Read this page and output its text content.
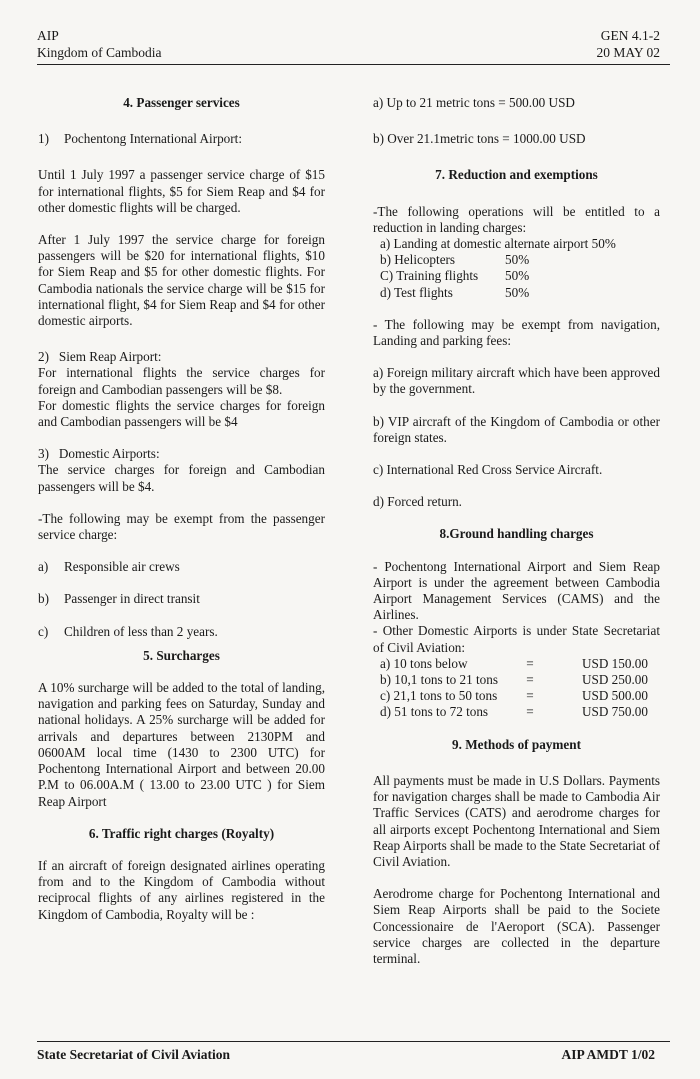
AIP
Kingdom of Cambodia
GEN 4.1-2
20 MAY 02

4. Passenger services

1)	Pochentong International Airport:

Until 1 July 1997 a passenger service charge of $15 for international flights, $5 for Siem Reap and $4 for other domestic flights will be charged.

After 1 July 1997 the service charge for foreign passengers will be $20 for international flights, $10 for Siem Reap and $5 for other domestic flights. For Cambodia nationals the service charge will be $15 for international flight, $4 for Siem Reap and $4 for other domestic airports.

2)   Siem Reap Airport:

For international flights the service charges for foreign and Cambodian passengers will be $8.

For domestic flights the service charges for foreign and Cambodian passengers will be $4

3)   Domestic Airports:

The service charges for foreign and Cambodian passengers will be $4.

-The following may be exempt from the passenger service charge:

a)	Responsible air crews
b)	Passenger in direct transit
c)	Children of less than 2 years.

5. Surcharges

A 10% surcharge will be added to the total of landing, navigation and parking fees on Saturday, Sunday and national holidays. A 25% surcharge will be added for arrivals and departures between 2130PM and 0600AM local time (1430 to 2300 UTC) for Pochentong International Airport and between 20.00 P.M to 06.00A.M ( 13.00 to 23.00 UTC ) for Siem Reap Airport

6. Traffic right charges (Royalty)

If an aircraft of foreign designated airlines operating from and to the Kingdom of Cambodia without reciprocal flights of any airlines registered in the Kingdom of Cambodia, Royalty will be :

a) Up to 21 metric tons = 500.00 USD

b) Over 21.1metric tons = 1000.00 USD

7. Reduction and exemptions

-The following operations will be entitled to a reduction in landing charges:

a) Landing at domestic alternate airport 50%
b) Helicopters	50%
C) Training flights	50%
d) Test flights	50%

- The following may be exempt from navigation, Landing and parking fees:

a) Foreign military aircraft which have been approved by the government.

b) VIP aircraft of the Kingdom of Cambodia or other foreign states.

c) International Red Cross Service Aircraft.

d) Forced return.

8.Ground handling charges

- Pochentong International Airport and Siem Reap Airport is under the agreement between Cambodia Airport Management Services (CAMS) and the Airlines.

- Other Domestic Airports is under State Secretariat of Civil Aviation:

a) 10 tons below	=	USD 150.00
b) 10,1 tons to 21 tons	=	USD 250.00
c) 21,1 tons to 50 tons	=	USD 500.00
d) 51 tons to 72 tons	=	USD 750.00

9. Methods of payment

All payments must be made in U.S Dollars. Payments for navigation charges shall be made to Cambodia Air Traffic Services (CATS) and aerodrome charges for all airports except Pochentong International and Siem Reap Airports shall be made to the State Secretariat of Civil Aviation.

Aerodrome charge for Pochentong International and Siem Reap Airports shall be paid to the Societe Concessionaire de l'Aeroport (SCA). Passenger service charges are collected in the departure terminal.

State Secretariat of Civil Aviation	AIP AMDT 1/02
